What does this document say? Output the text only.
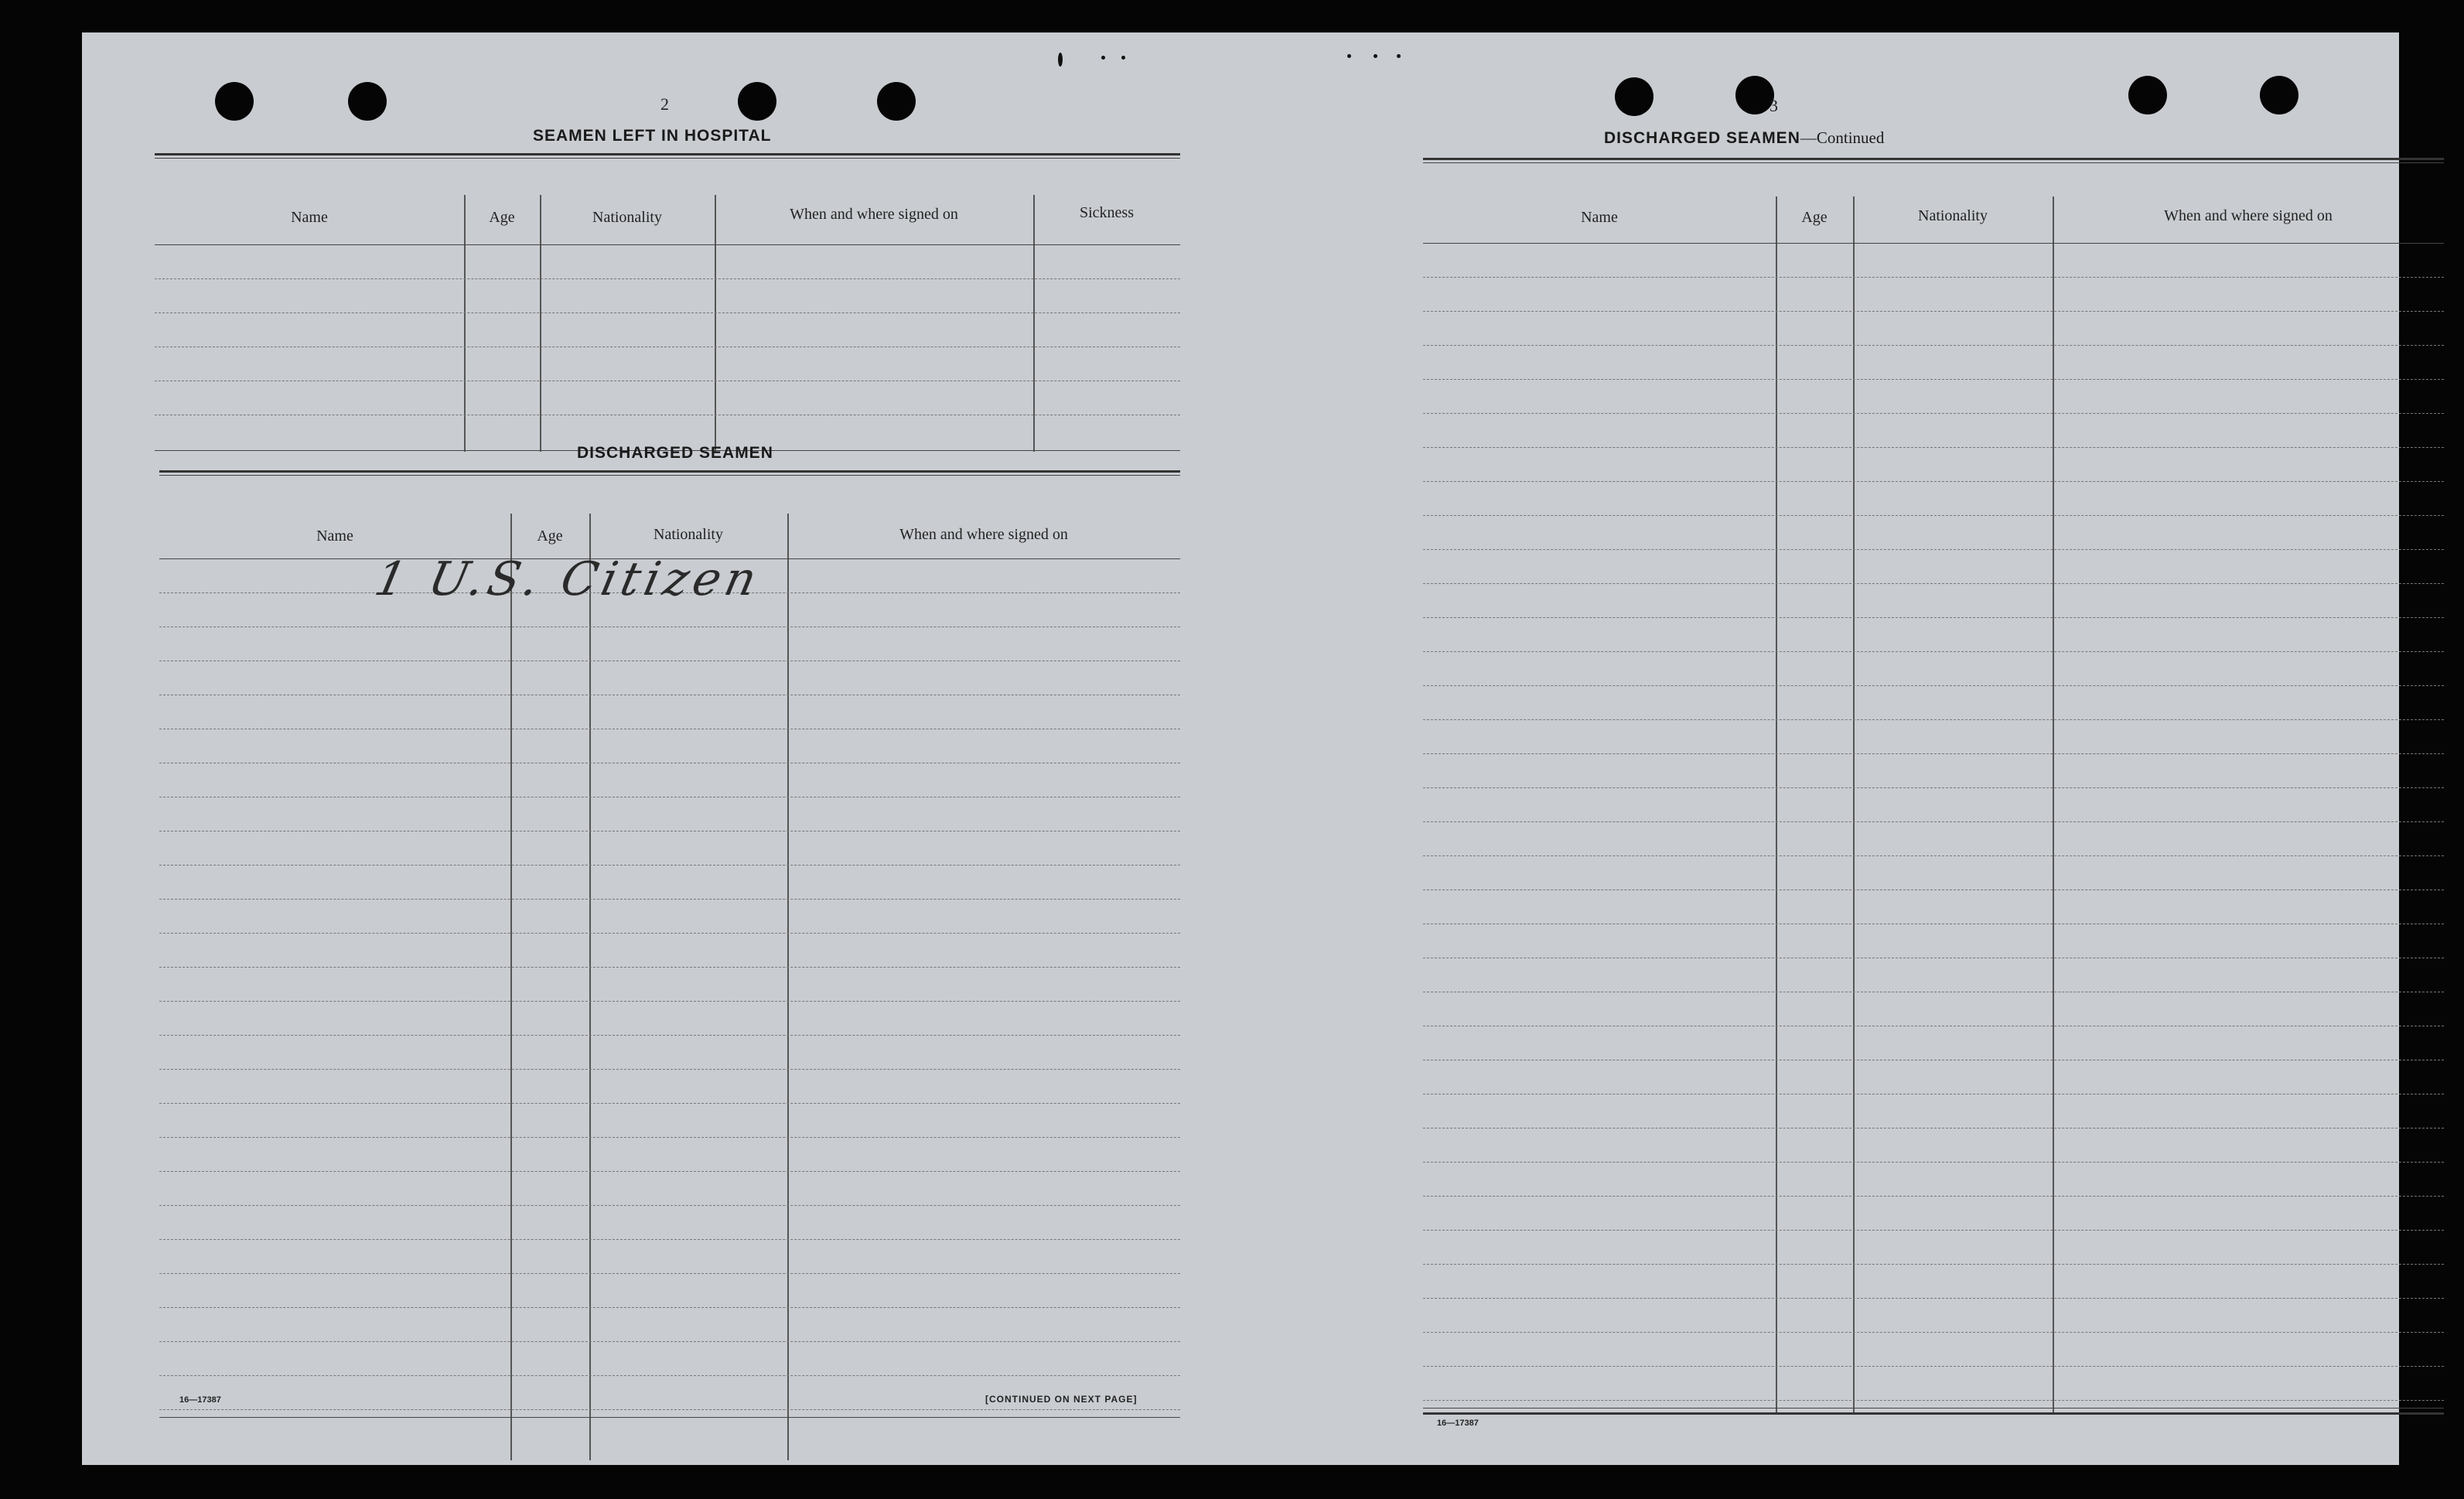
2
SEAMEN LEFT IN HOSPITAL
Name	Age	Nationality	When and where signed on	Sickness
DISCHARGED SEAMEN
Name	Age	Nationality	When and where signed on
1 U.S. Citizen
16—17387	[CONTINUED ON NEXT PAGE]
3
DISCHARGED SEAMEN—Continued
Name	Age	Nationality	When and where signed on
16—17387
